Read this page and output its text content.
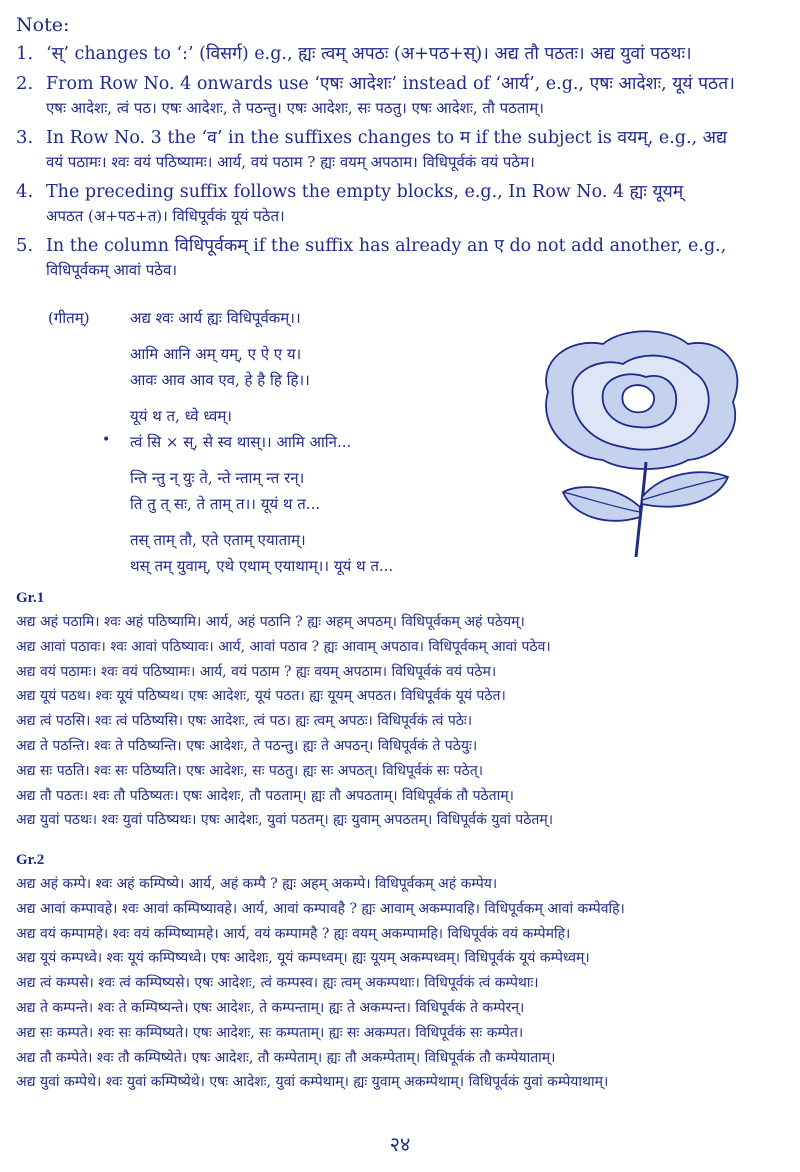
Note:
1. ‘स्’ changes to ‘:’ (विसर्ग) e.g., ह्यः त्वम् अपठः (अ+पठ+स्)। अद्य तौ पठतः। अद्य युवां पठथः।
2. From Row No. 4 onwards use ‘एषः आदेशः’ instead of ‘आर्य’, e.g., एषः आदेशः, यूयं पठत।
एषः आदेशः, त्वं पठ। एषः आदेशः, ते पठन्तु। एषः आदेशः, सः पठतु। एषः आदेशः, तौ पठताम्।
3. In Row No. 3 the ‘व’ in the suffixes changes to म if the subject is वयम्, e.g., अद्य
वयं पठामः। श्वः वयं पठिष्यामः। आर्य, वयं पठाम ? ह्यः वयम् अपठाम। विधिपूर्वकं वयं पठेम।
4. The preceding suffix follows the empty blocks, e.g., In Row No. 4 ह्यः यूयम्
अपठत (अ+पठ+त)। विधिपूर्वकं यूयं पठेत।
5. In the column विधिपूर्वकम् if the suffix has already an ए do not add another, e.g.,
विधिपूर्वकम् आवां पठेव।
(गीतम्)	अद्य श्वः आर्य ह्यः विधिपूर्वकम्।।
आमि आनि अम् यम्, ए ऐ ए य।
आवः आव आव एव, हे है हि हि।।
यूयं थ त, ध्वे ध्वम्।
• त्वं सि × स्, से स्व थास्।। आमि आनि...
न्ति न्तु न् युः ते, न्ते न्ताम् न्त रन्।
ति तु त् सः, ते ताम् त।। यूयं थ त...
तस् ताम् तौ, एते एताम् एयाताम्।
थस् तम् युवाम्, एथे एथाम् एयाथाम्।। यूयं थ त...
Gr.1
अद्य अहं पठामि। श्वः अहं पठिष्यामि। आर्य, अहं पठानि ? ह्यः अहम् अपठम्। विधिपूर्वकम् अहं पठेयम्।
अद्य आवां पठावः। श्वः आवां पठिष्यावः। आर्य, आवां पठाव ? ह्यः आवाम् अपठाव। विधिपूर्वकम् आवां पठेव।
अद्य वयं पठामः। श्वः वयं पठिष्यामः। आर्य, वयं पठाम ? ह्यः वयम् अपठाम। विधिपूर्वकं वयं पठेम।
अद्य यूयं पठथ। श्वः यूयं पठिष्यथ। एषः आदेशः, यूयं पठत। ह्यः यूयम् अपठत। विधिपूर्वकं यूयं पठेत।
अद्य त्वं पठसि। श्वः त्वं पठिष्यसि। एषः आदेशः, त्वं पठ। ह्यः त्वम् अपठः। विधिपूर्वकं त्वं पठेः।
अद्य ते पठन्ति। श्वः ते पठिष्यन्ति। एषः आदेशः, ते पठन्तु। ह्यः ते अपठन्। विधिपूर्वकं ते पठेयुः।
अद्य सः पठति। श्वः सः पठिष्यति। एषः आदेशः, सः पठतु। ह्यः सः अपठत्। विधिपूर्वकं सः पठेत्।
अद्य तौ पठतः। श्वः तौ पठिष्यतः। एषः आदेशः, तौ पठताम्। ह्यः तौ अपठताम्। विधिपूर्वकं तौ पठेताम्।
अद्य युवां पठथः। श्वः युवां पठिष्यथः। एषः आदेशः, युवां पठतम्। ह्यः युवाम् अपठतम्। विधिपूर्वकं युवां पठेतम्।
Gr.2
अद्य अहं कम्पे। श्वः अहं कम्पिष्ये। आर्य, अहं कम्पै ? ह्यः अहम् अकम्पे। विधिपूर्वकम् अहं कम्पेय।
अद्य आवां कम्पावहे। श्वः आवां कम्पिष्यावहे। आर्य, आवां कम्पावहै ? ह्यः आवाम् अकम्पावहि। विधिपूर्वकम् आवां कम्पेवहि।
अद्य वयं कम्पामहे। श्वः वयं कम्पिष्यामहे। आर्य, वयं कम्पामहै ? ह्यः वयम् अकम्पामहि। विधिपूर्वकं वयं कम्पेमहि।
अद्य यूयं कम्पध्वे। श्वः यूयं कम्पिष्यध्वे। एषः आदेशः, यूयं कम्पध्वम्। ह्यः यूयम् अकम्पध्वम्। विधिपूर्वकं यूयं कम्पेध्वम्।
अद्य त्वं कम्पसे। श्वः त्वं कम्पिष्यसे। एषः आदेशः, त्वं कम्पस्व। ह्यः त्वम् अकम्पथाः। विधिपूर्वकं त्वं कम्पेथाः।
अद्य ते कम्पन्ते। श्वः ते कम्पिष्यन्ते। एषः आदेशः, ते कम्पन्ताम्। ह्यः ते अकम्पन्त। विधिपूर्वकं ते कम्पेरन्।
अद्य सः कम्पते। श्वः सः कम्पिष्यते। एषः आदेशः, सः कम्पताम्। ह्यः सः अकम्पत। विधिपूर्वकं सः कम्पेत।
अद्य तौ कम्पेते। श्वः तौ कम्पिष्येते। एषः आदेशः, तौ कम्पेताम्। ह्यः तौ अकम्पेताम्। विधिपूर्वकं तौ कम्पेयाताम्।
अद्य युवां कम्पेथे। श्वः युवां कम्पिष्येथे। एषः आदेशः, युवां कम्पेथाम्। ह्यः युवाम् अकम्पेथाम्। विधिपूर्वकं युवां कम्पेयाथाम्।
२४
